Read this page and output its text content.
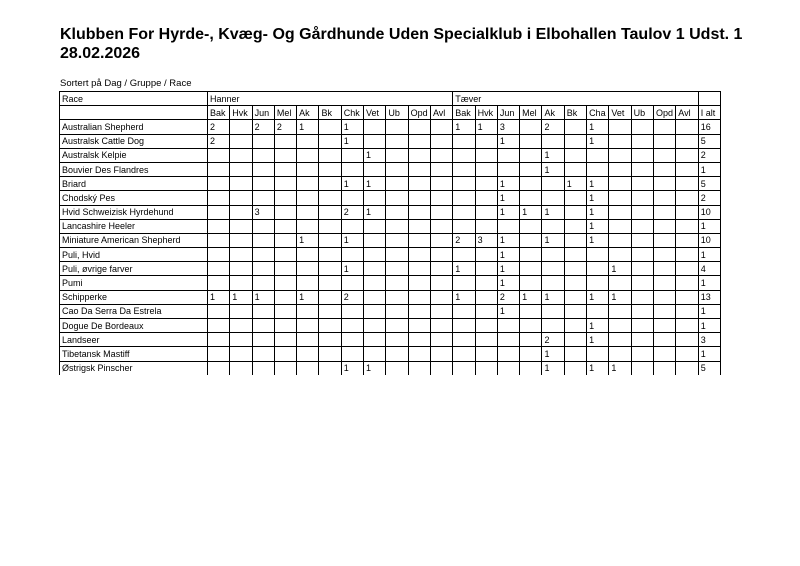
Klubben For Hyrde-, Kvæg- Og Gårdhunde Uden Specialklub i Elbohallen Taulov 1 Udst. 1
28.02.2026
Sortert på Dag / Gruppe / Race
Race	Hanner											Tæver											
	Bak	Hvk	Jun	Mel	Ak	Bk	Chk	Vet	Ub	Opd	Avl	Bak	Hvk	Jun	Mel	Ak	Bk	Cha	Vet	Ub	Opd	Avl	I alt
Australian Shepherd	2		2	2	1		1					1	1	3		2		1					16
Australsk Cattle Dog	2						1							1				1					5
Australsk Kelpie								1								1							2
Bouvier Des Flandres																1							1
Briard							1	1						1			1	1					5
Chodský Pes														1				1					2
Hvid Schweizisk Hyrdehund			3				2	1						1	1	1		1					10
Lancashire Heeler																		1					1
Miniature American Shepherd					1		1					2	3	1		1		1					10
Puli, Hvid														1									1
Puli, øvrige farver							1					1		1					1				4
Pumi														1									1
Schipperke	1	1	1		1		2					1		2	1	1		1	1				13
Cao Da Serra Da Estrela														1									1
Dogue De Bordeaux																		1					1
Landseer																2		1					3
Tibetansk Mastiff																1							1
Østrigsk Pinscher							1	1								1		1	1				5
